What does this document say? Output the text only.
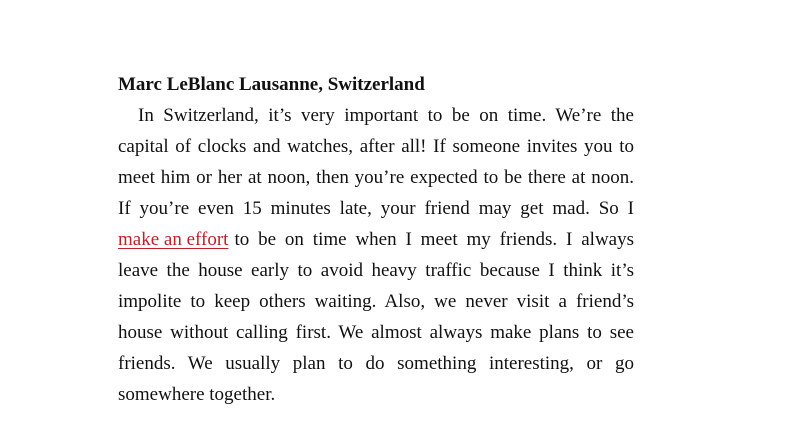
Marc LeBlanc Lausanne, Switzerland
In Switzerland, it’s very important to be on time. We’re the
capital of clocks and watches, after all! If someone invites you to
meet him or her at noon, then you’re expected to be there at noon.
If you’re even 15 minutes late, your friend may get mad. So I
make an effort to be on time when I meet my friends. I always
leave the house early to avoid heavy traffic because I think it’s
impolite to keep others waiting. Also, we never visit a friend’s
house without calling first. We almost always make plans to see
friends. We usually plan to do something interesting, or go
somewhere together.
